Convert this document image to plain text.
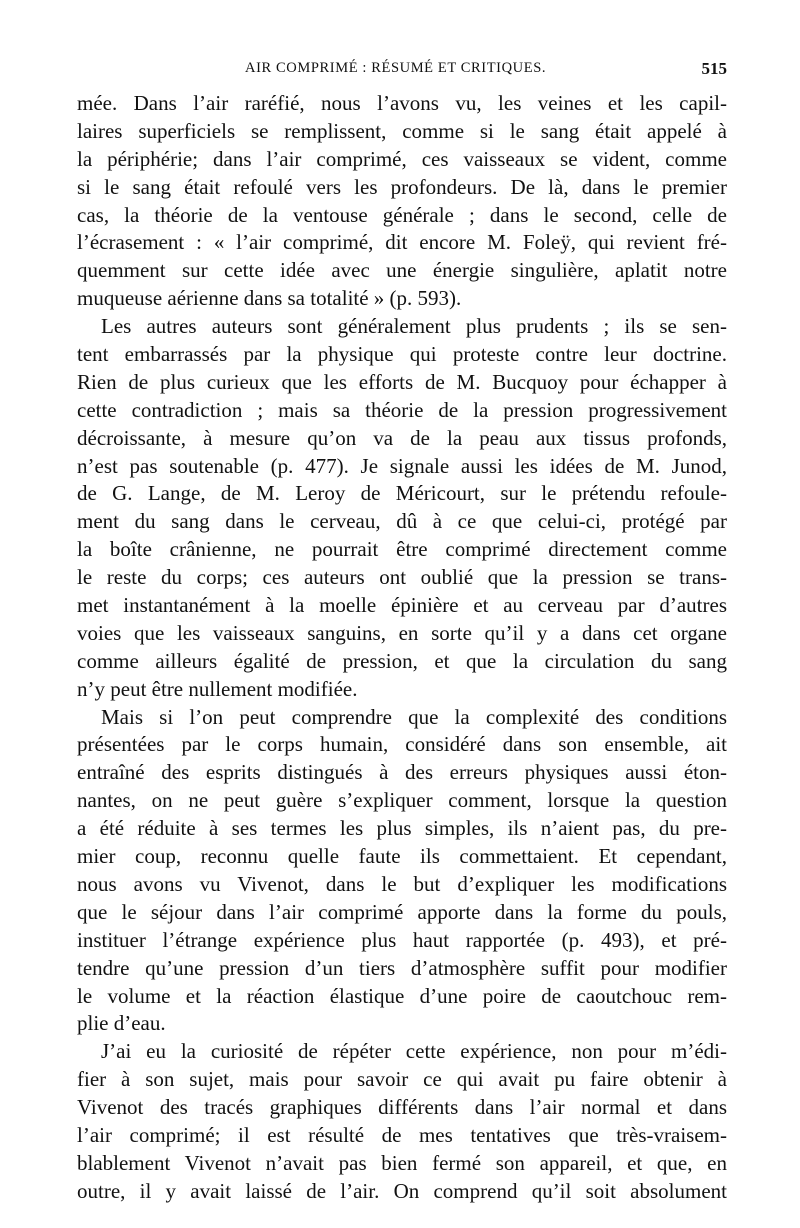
AIR COMPRIMÉ : RÉSUMÉ ET CRITIQUES.	515
mée. Dans l’air raréfié, nous l’avons vu, les veines et les capil-
laires superficiels se remplissent, comme si le sang était appelé à
la périphérie; dans l’air comprimé, ces vaisseaux se vident, comme
si le sang était refoulé vers les profondeurs. De là, dans le premier
cas, la théorie de la ventouse générale ; dans le second, celle de
l’écrasement : « l’air comprimé, dit encore M. Foleÿ, qui revient fré-
quemment sur cette idée avec une énergie singulière, aplatit notre
muqueuse aérienne dans sa totalité » (p. 593).
Les autres auteurs sont généralement plus prudents ; ils se sen-
tent embarrassés par la physique qui proteste contre leur doctrine.
Rien de plus curieux que les efforts de M. Bucquoy pour échapper à
cette contradiction ; mais sa théorie de la pression progressivement
décroissante, à mesure qu’on va de la peau aux tissus profonds,
n’est pas soutenable (p. 477). Je signale aussi les idées de M. Junod,
de G. Lange, de M. Leroy de Méricourt, sur le prétendu refoule-
ment du sang dans le cerveau, dû à ce que celui-ci, protégé par
la boîte crânienne, ne pourrait être comprimé directement comme
le reste du corps; ces auteurs ont oublié que la pression se trans-
met instantanément à la moelle épinière et au cerveau par d’autres
voies que les vaisseaux sanguins, en sorte qu’il y a dans cet organe
comme ailleurs égalité de pression, et que la circulation du sang
n’y peut être nullement modifiée.
Mais si l’on peut comprendre que la complexité des conditions
présentées par le corps humain, considéré dans son ensemble, ait
entraîné des esprits distingués à des erreurs physiques aussi éton-
nantes, on ne peut guère s’expliquer comment, lorsque la question
a été réduite à ses termes les plus simples, ils n’aient pas, du pre-
mier coup, reconnu quelle faute ils commettaient. Et cependant,
nous avons vu Vivenot, dans le but d’expliquer les modifications
que le séjour dans l’air comprimé apporte dans la forme du pouls,
instituer l’étrange expérience plus haut rapportée (p. 493), et pré-
tendre qu’une pression d’un tiers d’atmosphère suffit pour modifier
le volume et la réaction élastique d’une poire de caoutchouc rem-
plie d’eau.
J’ai eu la curiosité de répéter cette expérience, non pour m’édi-
fier à son sujet, mais pour savoir ce qui avait pu faire obtenir à
Vivenot des tracés graphiques différents dans l’air normal et dans
l’air comprimé; il est résulté de mes tentatives que très-vraisem-
blablement Vivenot n’avait pas bien fermé son appareil, et que, en
outre, il y avait laissé de l’air. On comprend qu’il soit absolument
